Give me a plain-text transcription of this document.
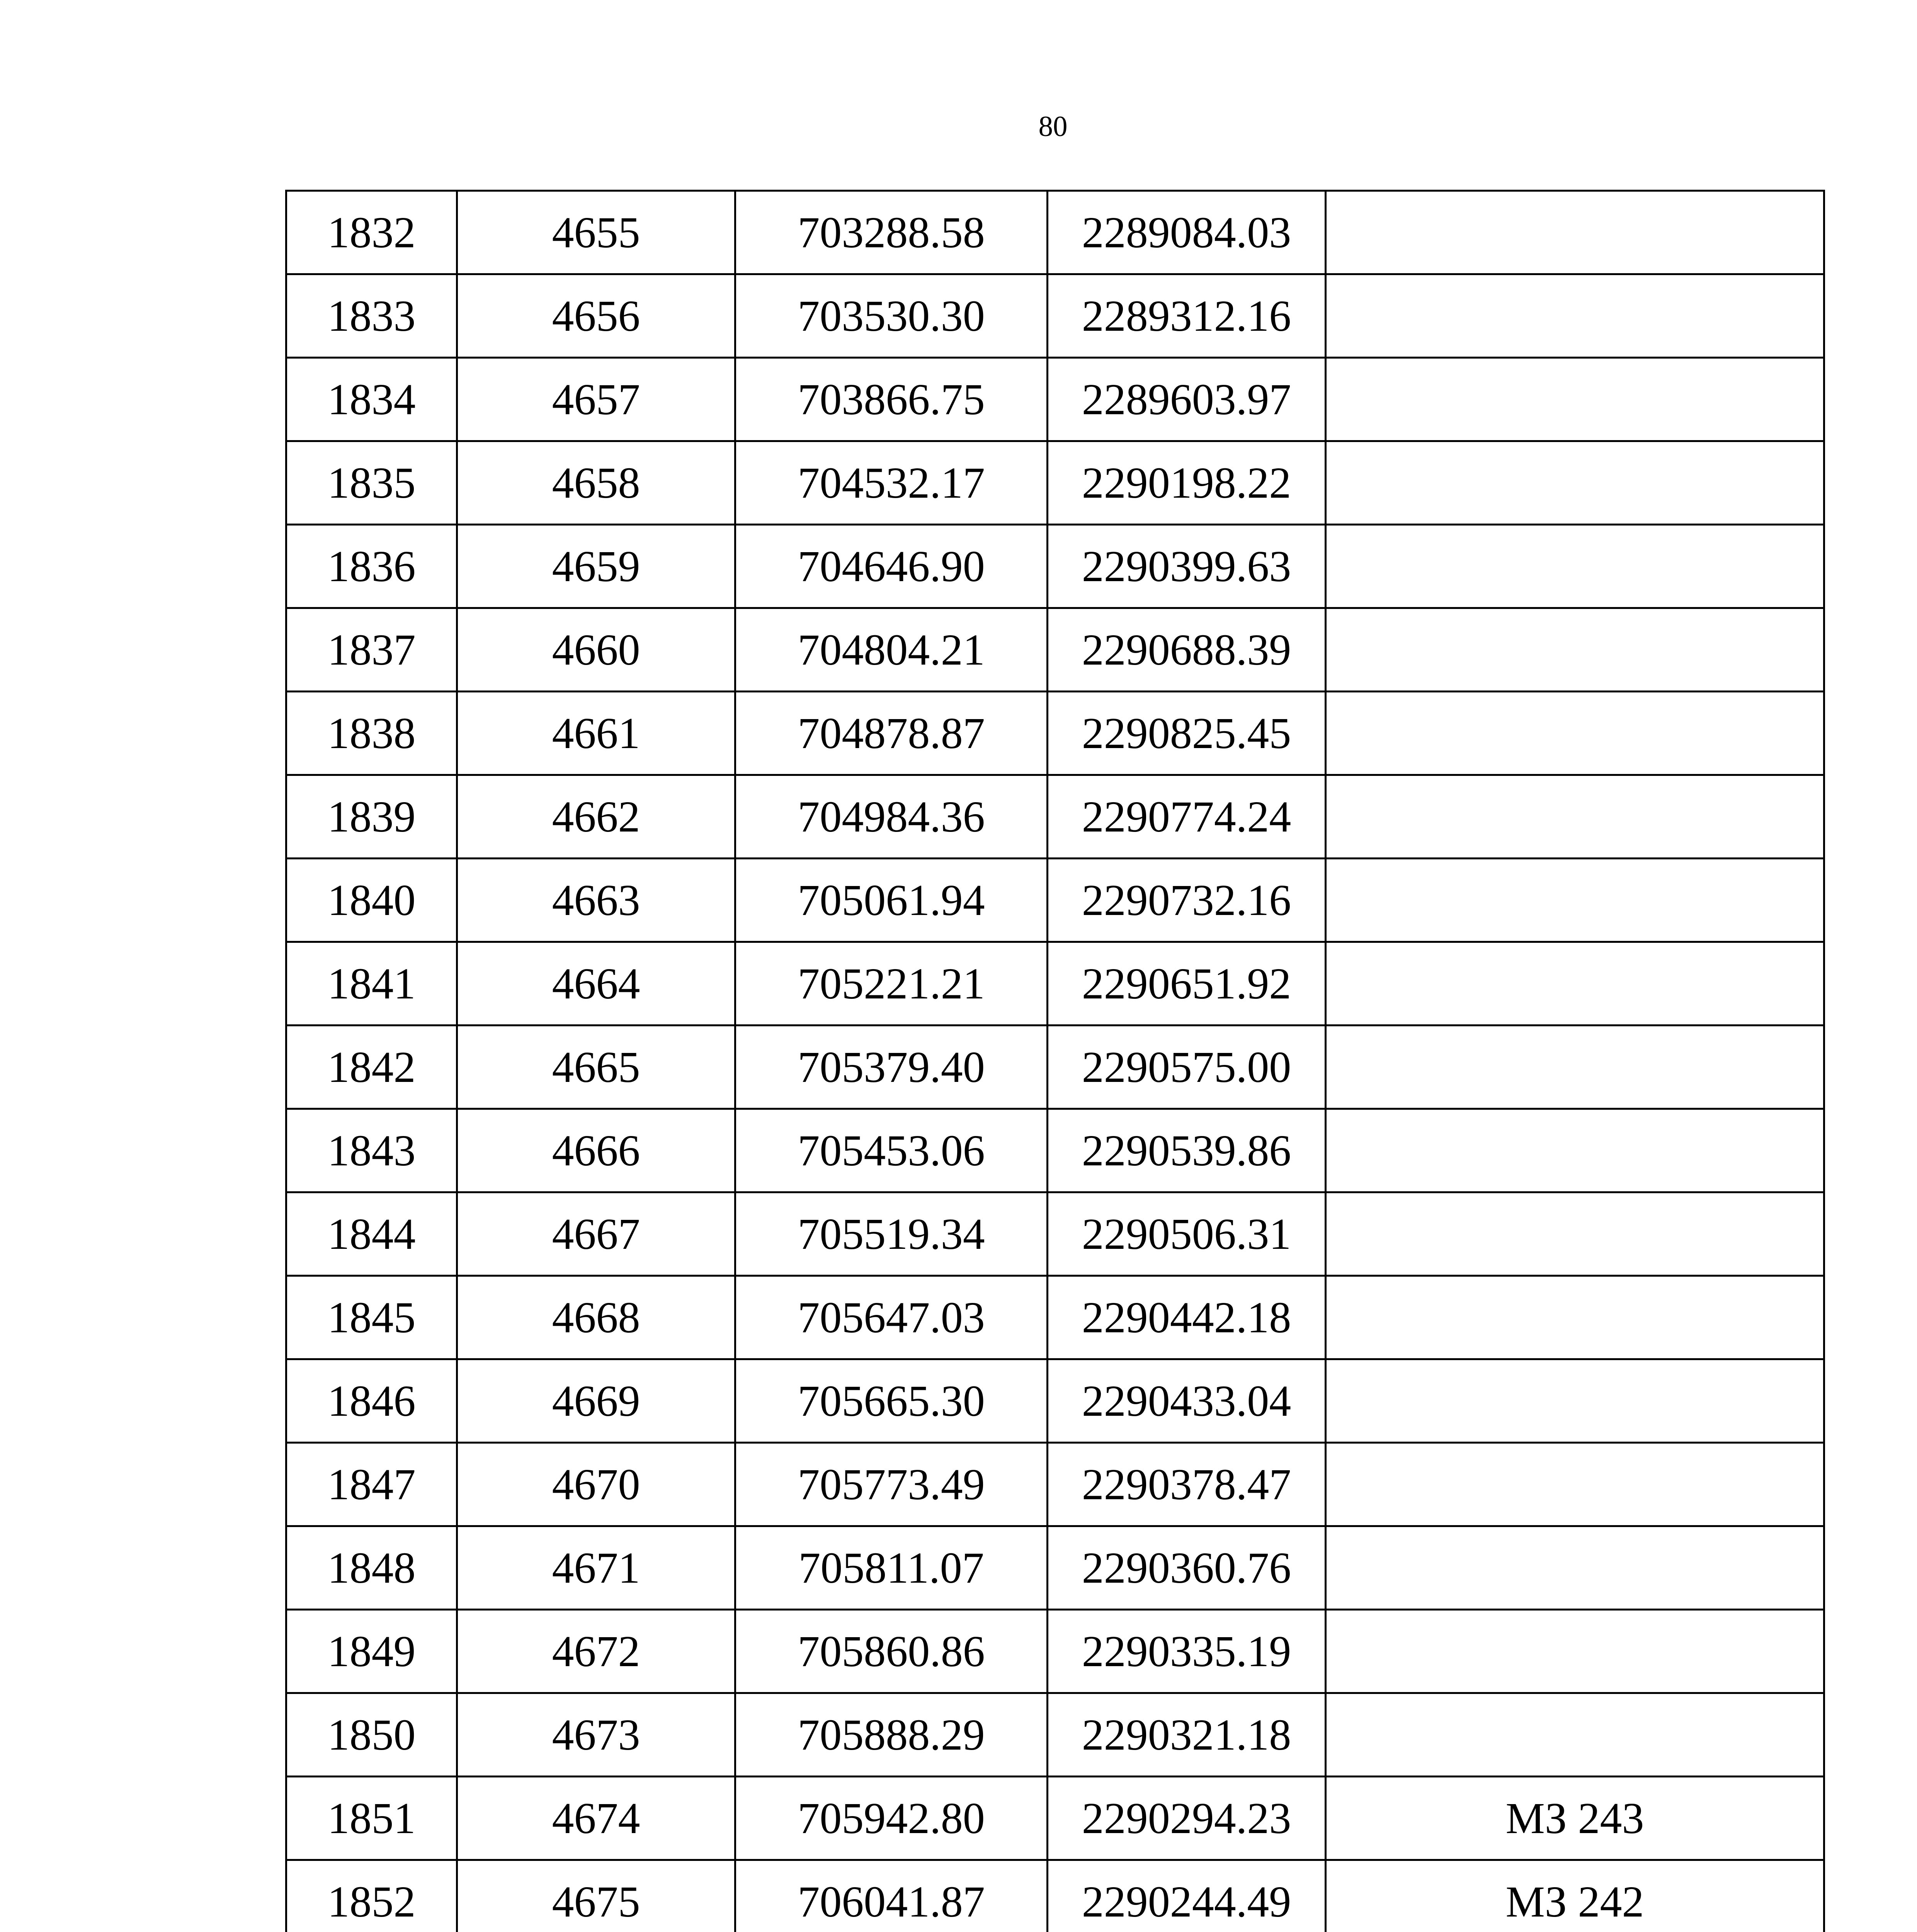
80
1832	4655	703288.58	2289084.03	
1833	4656	703530.30	2289312.16	
1834	4657	703866.75	2289603.97	
1835	4658	704532.17	2290198.22	
1836	4659	704646.90	2290399.63	
1837	4660	704804.21	2290688.39	
1838	4661	704878.87	2290825.45	
1839	4662	704984.36	2290774.24	
1840	4663	705061.94	2290732.16	
1841	4664	705221.21	2290651.92	
1842	4665	705379.40	2290575.00	
1843	4666	705453.06	2290539.86	
1844	4667	705519.34	2290506.31	
1845	4668	705647.03	2290442.18	
1846	4669	705665.30	2290433.04	
1847	4670	705773.49	2290378.47	
1848	4671	705811.07	2290360.76	
1849	4672	705860.86	2290335.19	
1850	4673	705888.29	2290321.18	
1851	4674	705942.80	2290294.23	МЗ 243
1852	4675	706041.87	2290244.49	МЗ 242
